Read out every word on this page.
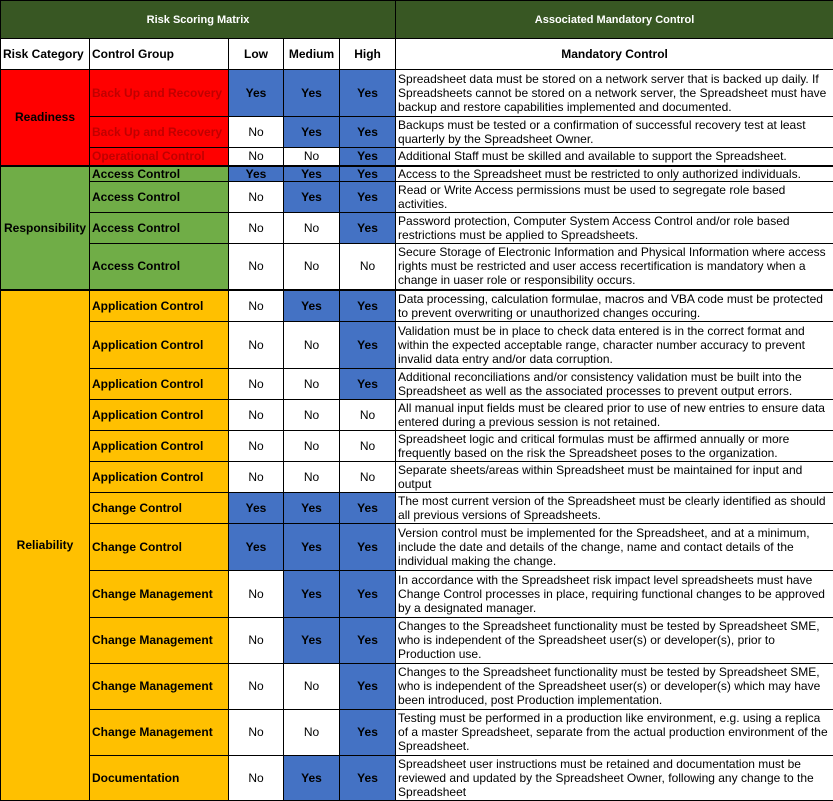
Risk Scoring Matrix					Associated Mandatory Control
Risk Category	Control Group	Low	Medium	High	Mandatory Control
Readiness	Back Up and Recovery	Yes	Yes	Yes	Spreadsheet data must be stored on a network server that is backed up daily. If Spreadsheets cannot be stored on a network server, the Spreadsheet must have backup and restore capabilities implemented and documented.
	Back Up and Recovery	No	Yes	Yes	Backups must be tested or a confirmation of successful recovery test at least quarterly by the Spreadsheet Owner.
	Operational Control	No	No	Yes	Additional Staff must be skilled and available to support the Spreadsheet.
Responsibility	Access Control	Yes	Yes	Yes	Access to the Spreadsheet must be restricted to only authorized individuals.
	Access Control	No	Yes	Yes	Read or Write Access permissions must be used to segregate role based activities.
	Access Control	No	No	Yes	Password protection, Computer System Access Control and/or role based restrictions must be applied to Spreadsheets.
	Access Control	No	No	No	Secure Storage of Electronic Information and Physical Information where access rights must be restricted and user access recertification is mandatory when a change in uaser role or responsibility occurs.
Reliability	Application Control	No	Yes	Yes	Data processing, calculation formulae, macros and VBA code must be protected to prevent overwriting or unauthorized changes occuring.
	Application Control	No	No	Yes	Validation must be in place to check data entered is in the correct format and within the expected acceptable range, character number accuracy to prevent invalid data entry and/or data corruption.
	Application Control	No	No	Yes	Additional reconciliations and/or consistency validation must be built into the Spreadsheet as well as the associated processes to prevent output errors.
	Application Control	No	No	No	All manual input fields must be cleared prior to use of new entries to ensure data entered during a previous session is not retained.
	Application Control	No	No	No	Spreadsheet logic and critical formulas must be affirmed annually or more frequently based on the risk the Spreadsheet poses to the organization.
	Application Control	No	No	No	Separate sheets/areas within Spreadsheet must be maintained for input and output
	Change Control	Yes	Yes	Yes	The most current version of the Spreadsheet must be clearly identified as should all previous versions of Spreadsheets.
	Change Control	Yes	Yes	Yes	Version control must be implemented for the Spreadsheet, and at a minimum, include the date and details of the change, name and contact details of the individual making the change.
	Change Management	No	Yes	Yes	In accordance with the Spreadsheet risk impact level spreadsheets must have Change Control processes in place, requiring functional changes to be approved by a designated manager.
	Change Management	No	Yes	Yes	Changes to the Spreadsheet functionality must be tested by Spreadsheet SME, who is independent of the Spreadsheet user(s) or developer(s), prior to Production use.
	Change Management	No	No	Yes	Changes to the Spreadsheet functionality must be tested by Spreadsheet SME, who is independent of the Spreadsheet user(s) or developer(s) which may have been introduced, post Production implementation.
	Change Management	No	No	Yes	Testing must be performed in a production like environment, e.g. using a replica of a master Spreadsheet, separate from the actual production environment of the Spreadsheet.
	Documentation	No	Yes	Yes	Spreadsheet user instructions must be retained and documentation must be reviewed and updated by the Spreadsheet Owner, following any change to the Spreadsheet
